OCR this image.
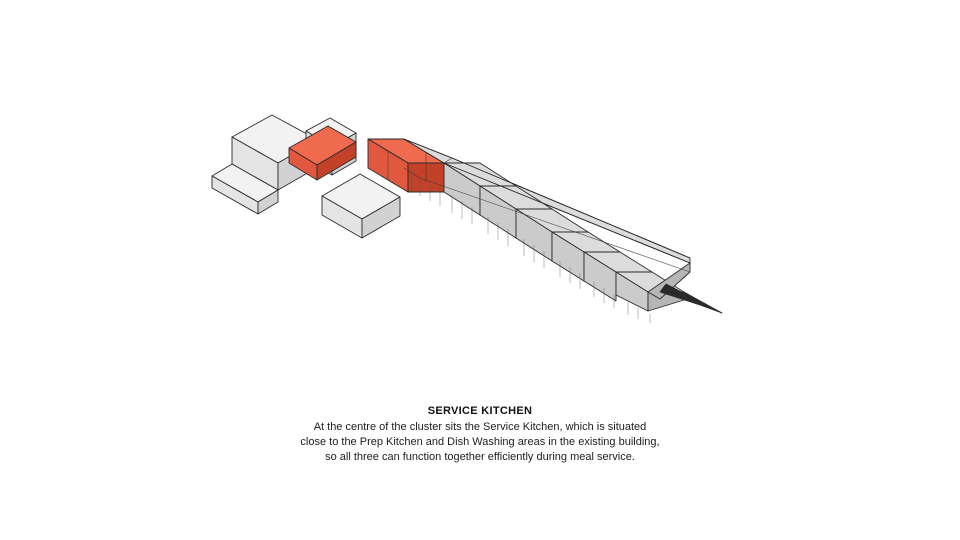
SERVICE KITCHEN
At the centre of the cluster sits the Service Kitchen, which is situated close to the Prep Kitchen and Dish Washing areas in the existing building, so all three can function together efficiently during meal service.
